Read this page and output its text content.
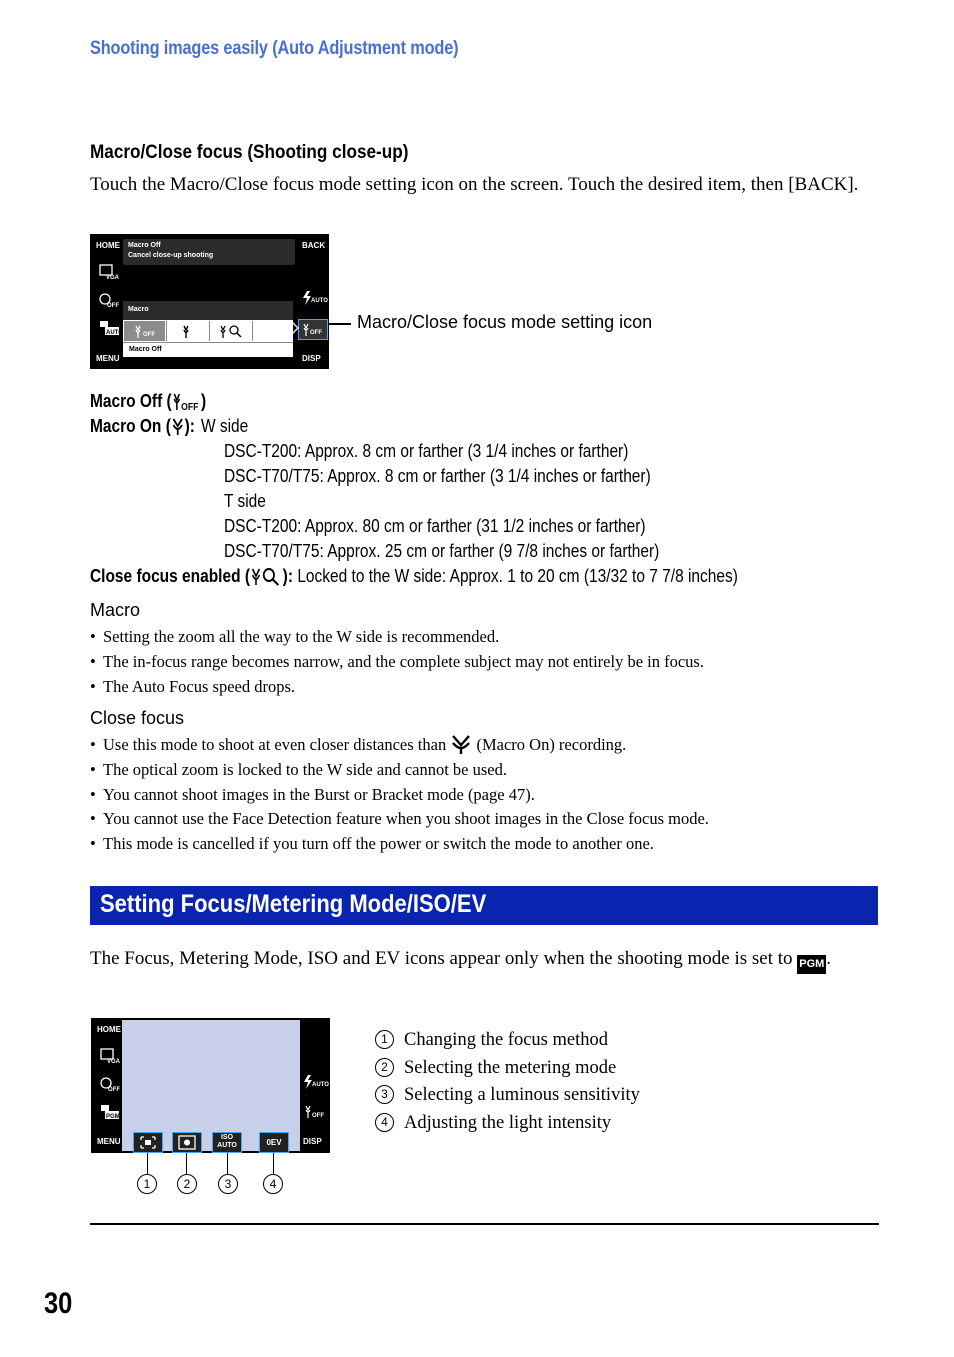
Shooting images easily (Auto Adjustment mode)
Macro/Close focus (Shooting close-up)
Touch the Macro/Close focus mode setting icon on the screen. Touch the desired item, then [BACK].
HOME	BACK
MENU	DISP
VGA
OFF
AUTO
AUTO
Macro Off
Cancel close-up shooting
Macro
OFF
Macro Off
OFF
Macro/Close focus mode setting icon
Macro Off ( OFF )
Macro On ( ): W side
DSC-T200: Approx. 8 cm or farther (3 1/4 inches or farther)
DSC-T70/T75: Approx. 8 cm or farther (3 1/4 inches or farther)
T side
DSC-T200: Approx. 80 cm or farther (31 1/2 inches or farther)
DSC-T70/T75: Approx. 25 cm or farther (9 7/8 inches or farther)
Close focus enabled ( ): Locked to the W side: Approx. 1 to 20 cm (13/32 to 7 7/8 inches)
Macro
• Setting the zoom all the way to the W side is recommended.
• The in-focus range becomes narrow, and the complete subject may not entirely be in focus.
• The Auto Focus speed drops.
Close focus
• Use this mode to shoot at even closer distances than (Macro On) recording.
• The optical zoom is locked to the W side and cannot be used.
• You cannot shoot images in the Burst or Bracket mode (page 47).
• You cannot use the Face Detection feature when you shoot images in the Close focus mode.
• This mode is cancelled if you turn off the power or switch the mode to another one.
Setting Focus/Metering Mode/ISO/EV
The Focus, Metering Mode, ISO and EV icons appear only when the shooting mode is set to PGM .
HOME
MENU	DISP
VGA
OFF
PGM
AUTO
OFF
ISO
AUTO	0EV
1	2	3	4
1 Changing the focus method
2 Selecting the metering mode
3 Selecting a luminous sensitivity
4 Adjusting the light intensity
30
